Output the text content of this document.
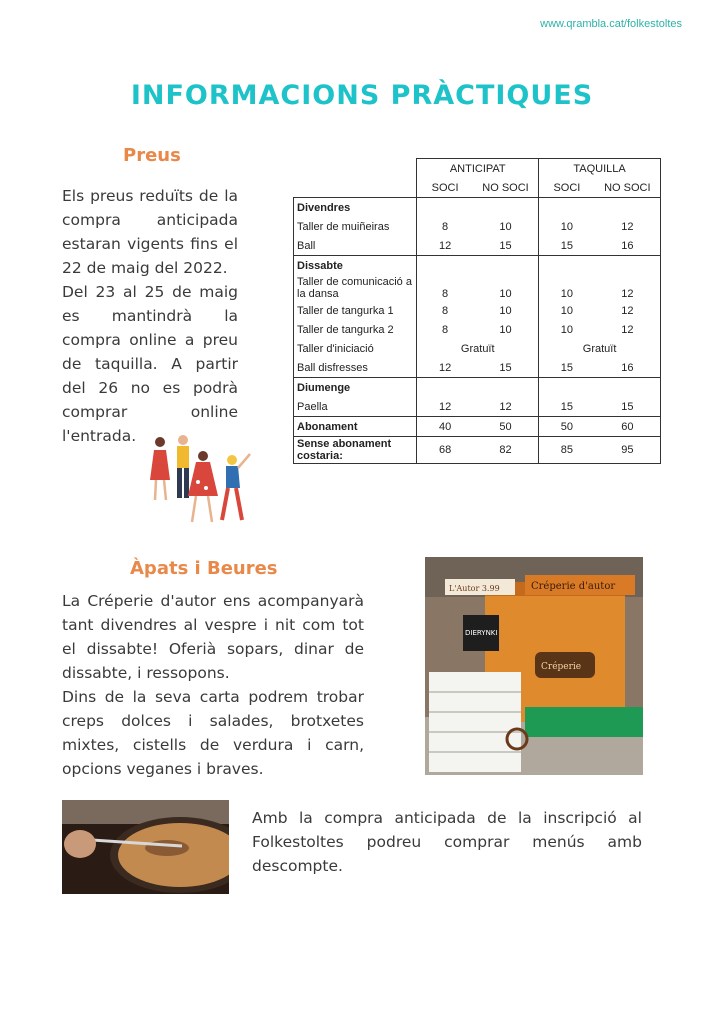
www.qrambla.cat/folkestoltes
INFORMACIONS PRÀCTIQUES
Preus

Els preus reduïts de la compra anticipada estaran vigents fins el 22 de maig del 2022.

Del 23 al 25 de maig es mantindrà la compra online a preu de taquilla. A partir del 26 no es podrà comprar online l'entrada.

	ANTICIPAT		TAQUILLA	
	SOCI	NO SOCI	SOCI	NO SOCI
Divendres				
Taller de muiñeiras	8	10	10	12
Ball	12	15	15	16
Dissabte				
Taller de comunicació a la dansa	8	10	10	12
Taller de tangurka 1	8	10	10	12
Taller de tangurka 2	8	10	10	12
Taller d'iniciació	Gratuït		Gratuït	
Ball disfresses	12	15	15	16
Diumenge				
Paella	12	12	15	15
Abonament	40	50	50	60
Sense abonament costaria:	68	82	85	95
Àpats i Beures

La Créperie d'autor ens acompanyarà tant divendres al vespre i nit com tot el dissabte! Oferià sopars, dinar de dissabte, i ressopons.

Dins de la seva carta podrem trobar creps dolces i salades, brotxetes mixtes, cistells de verdura i carn, opcions veganes i braves.

Créperie d'autor
L'Autor 3.99
DIERYNKI
Créperie

Amb la compra anticipada de la inscripció al Folkestoltes podreu comprar menús amb descompte.
